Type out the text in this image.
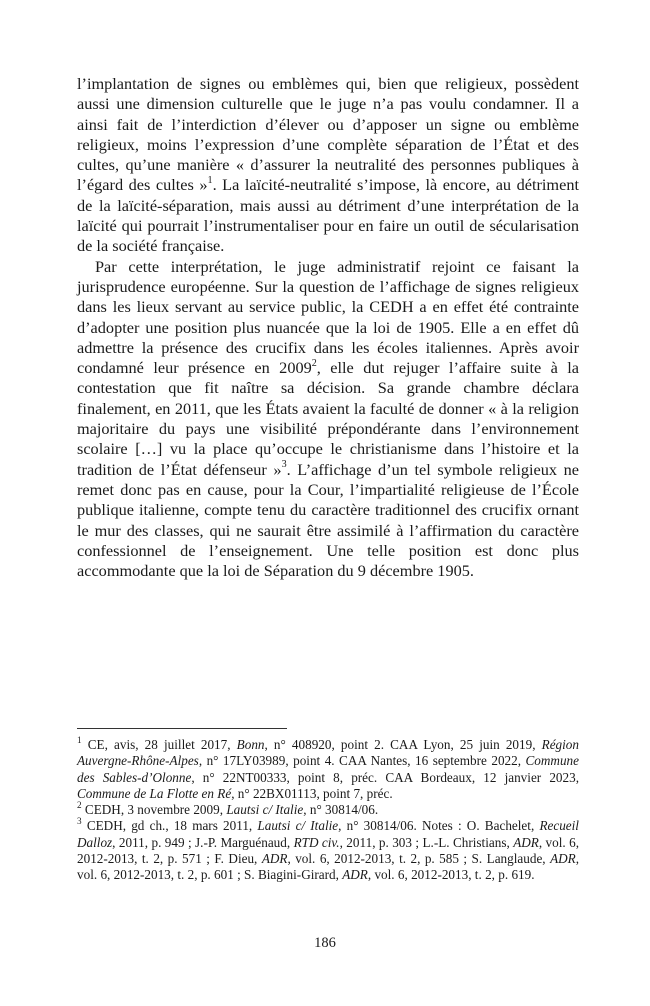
l’implantation de signes ou emblèmes qui, bien que religieux, possèdent aussi une dimension culturelle que le juge n’a pas voulu condamner. Il a ainsi fait de l’interdiction d’élever ou d’apposer un signe ou emblème religieux, moins l’expression d’une complète séparation de l’État et des cultes, qu’une manière « d’assurer la neutralité des personnes publiques à l’égard des cultes »$^1$. La laïcité-neutralité s’impose, là encore, au détriment de la laïcité-séparation, mais aussi au détriment d’une interprétation de la laïcité qui pourrait l’instrumentaliser pour en faire un outil de sécularisation de la société française.

Par cette interprétation, le juge administratif rejoint ce faisant la jurisprudence européenne. Sur la question de l’affichage de signes religieux dans les lieux servant au service public, la CEDH a en effet été contrainte d’adopter une position plus nuancée que la loi de 1905. Elle a en effet dû admettre la présence des crucifix dans les écoles italiennes. Après avoir condamné leur présence en 2009$^2$, elle dut rejuger l’affaire suite à la contestation que fit naître sa décision. Sa grande chambre déclara finalement, en 2011, que les États avaient la faculté de donner « à la religion majoritaire du pays une visibilité prépondérante dans l’environnement scolaire […] vu la place qu’occupe le christianisme dans l’histoire et la tradition de l’État défenseur »$^3$. L’affichage d’un tel symbole religieux ne remet donc pas en cause, pour la Cour, l’impartialité religieuse de l’École publique italienne, compte tenu du caractère traditionnel des crucifix ornant le mur des classes, qui ne saurait être assimilé à l’affirmation du caractère confessionnel de l’enseignement. Une telle position est donc plus accommodante que la loi de Séparation du 9 décembre 1905.

$^1$ CE, avis, 28 juillet 2017, Bonn, n° 408920, point 2. CAA Lyon, 25 juin 2019, Région Auvergne-Rhône-Alpes, n° 17LY03989, point 4. CAA Nantes, 16 septembre 2022, Commune des Sables-d’Olonne, n° 22NT00333, point 8, préc. CAA Bordeaux, 12 janvier 2023, Commune de La Flotte en Ré, n° 22BX01113, point 7, préc.

$^2$ CEDH, 3 novembre 2009, Lautsi c/ Italie, n° 30814/06.

$^3$ CEDH, gd ch., 18 mars 2011, Lautsi c/ Italie, n° 30814/06. Notes : O. Bachelet, Recueil Dalloz, 2011, p. 949 ; J.-P. Marguénaud, RTD civ., 2011, p. 303 ; L.-L. Christians, ADR, vol. 6, 2012-2013, t. 2, p. 571 ; F. Dieu, ADR, vol. 6, 2012-2013, t. 2, p. 585 ; S. Langlaude, ADR, vol. 6, 2012-2013, t. 2, p. 601 ; S. Biagini-Girard, ADR, vol. 6, 2012-2013, t. 2, p. 619.

186
